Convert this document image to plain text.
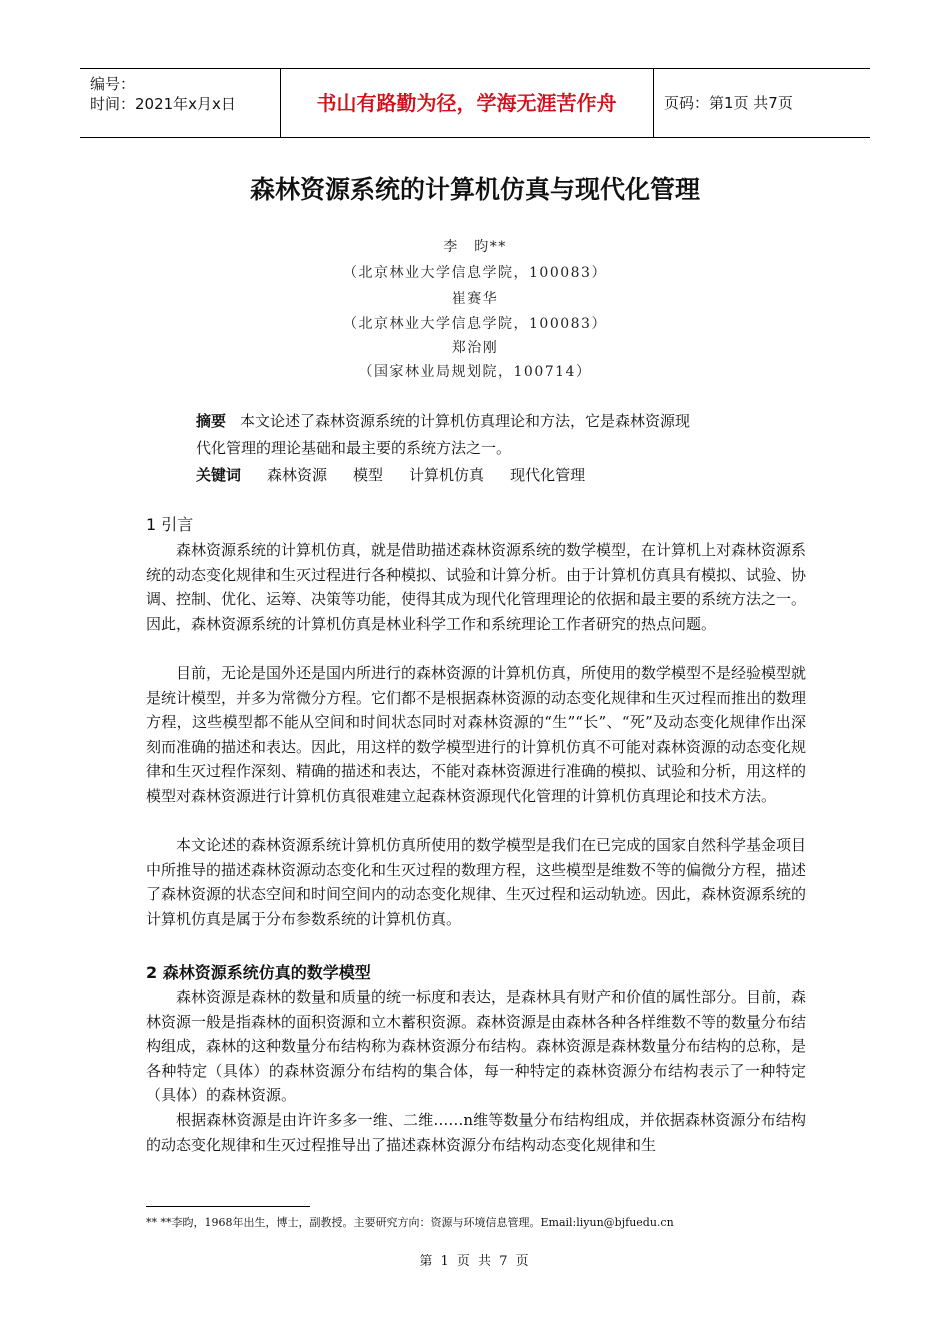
编号：
时间：2021年x月x日	书山有路勤为径，学海无涯苦作舟	页码：第1页 共7页
森林资源系统的计算机仿真与现代化管理
李　昀**
（北京林业大学信息学院，100083）
崔赛华
（北京林业大学信息学院，100083）
郑治刚
（国家林业局规划院，100714）
摘要 本文论述了森林资源系统的计算机仿真理论和方法，它是森林资源现
代化管理的理论基础和最主要的系统方法之一。
关键词 森林资源 模型 计算机仿真 现代化管理
1 引言

森林资源系统的计算机仿真，就是借助描述森林资源系统的数学模型，在计算机上对森林资源系统的动态变化规律和生灭过程进行各种模拟、试验和计算分析。由于计算机仿真具有模拟、试验、协调、控制、优化、运筹、决策等功能，使得其成为现代化管理理论的依据和最主要的系统方法之一。因此，森林资源系统的计算机仿真是林业科学工作和系统理论工作者研究的热点问题。

目前，无论是国外还是国内所进行的森林资源的计算机仿真，所使用的数学模型不是经验模型就是统计模型，并多为常微分方程。它们都不是根据森林资源的动态变化规律和生灭过程而推出的数理方程，这些模型都不能从空间和时间状态同时对森林资源的“生”“长”、“死”及动态变化规律作出深刻而准确的描述和表达。因此，用这样的数学模型进行的计算机仿真不可能对森林资源的动态变化规律和生灭过程作深刻、精确的描述和表达，不能对森林资源进行准确的模拟、试验和分析，用这样的模型对森林资源进行计算机仿真很难建立起森林资源现代化管理的计算机仿真理论和技术方法。

本文论述的森林资源系统计算机仿真所使用的数学模型是我们在已完成的国家自然科学基金项目中所推导的描述森林资源动态变化和生灭过程的数理方程，这些模型是维数不等的偏微分方程，描述了森林资源的状态空间和时间空间内的动态变化规律、生灭过程和运动轨迹。因此，森林资源系统的计算机仿真是属于分布参数系统的计算机仿真。

2 森林资源系统仿真的数学模型

森林资源是森林的数量和质量的统一标度和表达，是森林具有财产和价值的属性部分。目前，森林资源一般是指森林的面积资源和立木蓄积资源。森林资源是由森林各种各样维数不等的数量分布结构组成，森林的这种数量分布结构称为森林资源分布结构。森林资源是森林数量分布结构的总称，是各种特定（具体）的森林资源分布结构的集合体，每一种特定的森林资源分布结构表示了一种特定（具体）的森林资源。

根据森林资源是由许许多多一维、二维……n维等数量分布结构组成，并依据森林资源分布结构的动态变化规律和生灭过程推导出了描述森林资源分布结构动态变化规律和生

** **李昀，1968年出生，博士，副教授。主要研究方向：资源与环境信息管理。Email:liyun@bjfuedu.cn
第 1 页 共 7 页
